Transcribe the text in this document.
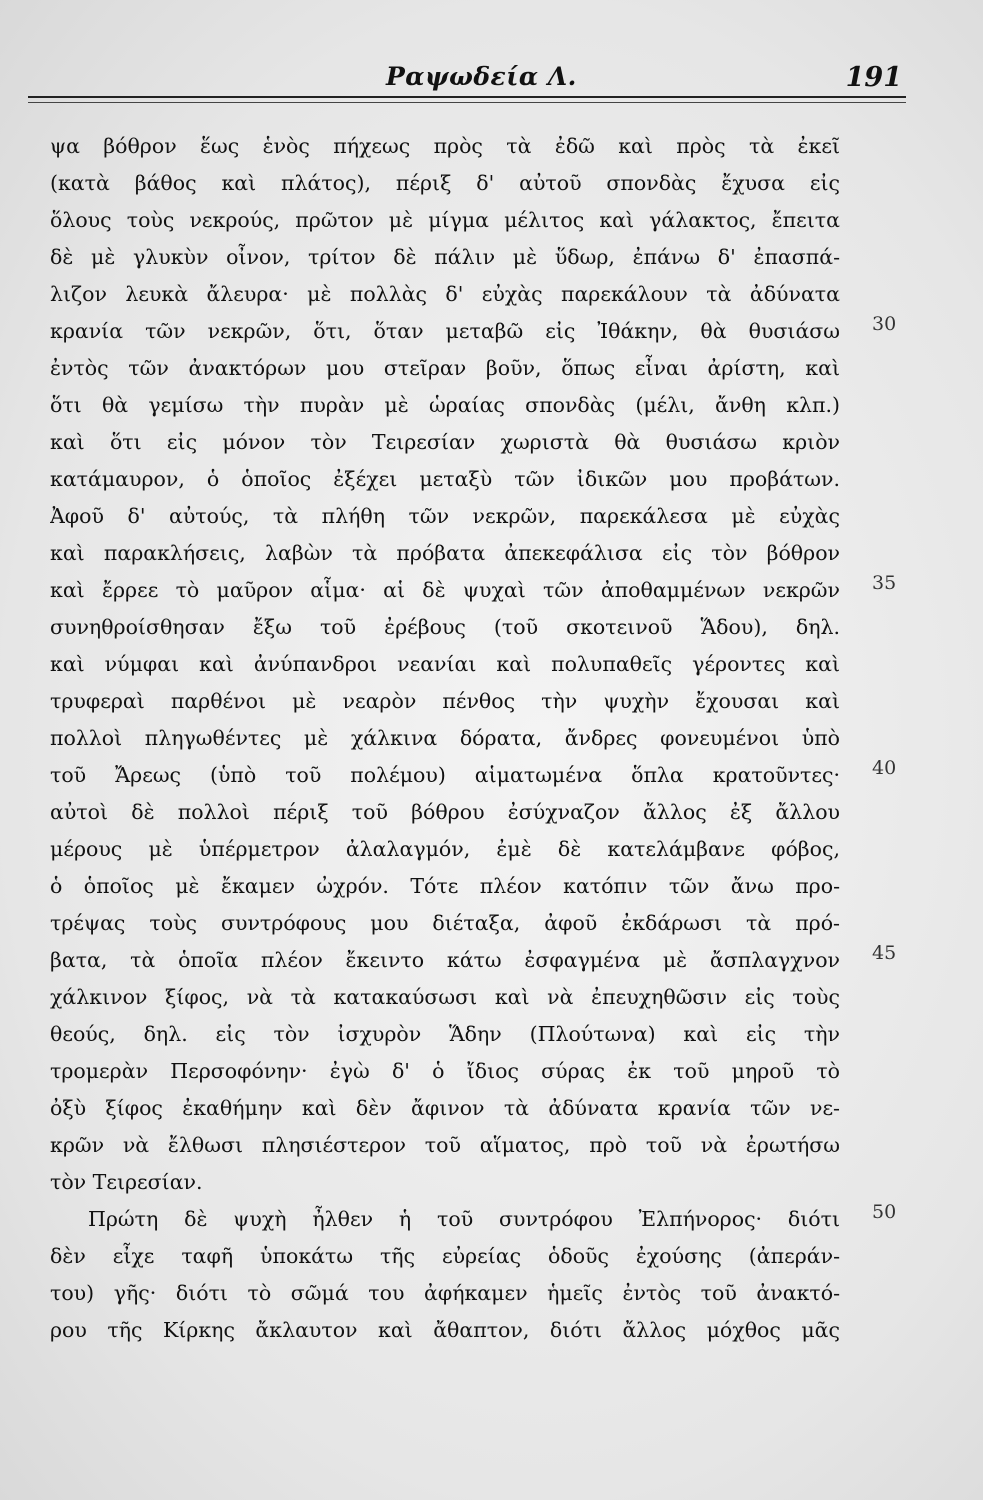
Ραψωδεία Λ.	191
ψα βόθρον ἕως ἑνὸς πήχεως πρὸς τὰ ἐδῶ καὶ πρὸς τὰ ἐκεῖ
(κατὰ βάθος καὶ πλάτος), πέριξ δ' αὐτοῦ σπονδὰς ἔχυσα εἰς
ὅλους τοὺς νεκρούς, πρῶτον μὲ μίγμα μέλιτος καὶ γάλακτος, ἔπειτα
δὲ μὲ γλυκὺν οἶνον, τρίτον δὲ πάλιν μὲ ὕδωρ, ἐπάνω δ' ἐπασπά-
λιζον λευκὰ ἄλευρα· μὲ πολλὰς δ' εὐχὰς παρεκάλουν τὰ ἀδύνατα
κρανία τῶν νεκρῶν, ὅτι, ὅταν μεταβῶ εἰς Ἰθάκην, θὰ θυσιάσω
ἐντὸς τῶν ἀνακτόρων μου στεῖραν βοῦν, ὅπως εἶναι ἀρίστη, καὶ
ὅτι θὰ γεμίσω τὴν πυρὰν μὲ ὡραίας σπονδὰς (μέλι, ἄνθη κλπ.)
καὶ ὅτι εἰς μόνον τὸν Τειρεσίαν χωριστὰ θὰ θυσιάσω κριὸν
κατάμαυρον, ὁ ὁποῖος ἐξέχει μεταξὺ τῶν ἰδικῶν μου προβάτων.
Ἀφοῦ δ' αὐτούς, τὰ πλήθη τῶν νεκρῶν, παρεκάλεσα μὲ εὐχὰς
καὶ παρακλήσεις, λαβὼν τὰ πρόβατα ἀπεκεφάλισα εἰς τὸν βόθρον
καὶ ἔρρεε τὸ μαῦρον αἷμα· αἱ δὲ ψυχαὶ τῶν ἀποθαμμένων νεκρῶν
συνηθροίσθησαν ἔξω τοῦ ἐρέβους (τοῦ σκοτεινοῦ Ἅδου), δηλ.
καὶ νύμφαι καὶ ἀνύπανδροι νεανίαι καὶ πολυπαθεῖς γέροντες καὶ
τρυφεραὶ παρθένοι μὲ νεαρὸν πένθος τὴν ψυχὴν ἔχουσαι καὶ
πολλοὶ πληγωθέντες μὲ χάλκινα δόρατα, ἄνδρες φονευμένοι ὑπὸ
τοῦ Ἄρεως (ὑπὸ τοῦ πολέμου) αἱματωμένα ὅπλα κρατοῦντες·
αὐτοὶ δὲ πολλοὶ πέριξ τοῦ βόθρου ἐσύχναζον ἄλλος ἐξ ἄλλου
μέρους μὲ ὑπέρμετρον ἀλαλαγμόν, ἐμὲ δὲ κατελάμβανε φόβος,
ὁ ὁποῖος μὲ ἔκαμεν ὠχρόν. Τότε πλέον κατόπιν τῶν ἄνω προ-
τρέψας τοὺς συντρόφους μου διέταξα, ἀφοῦ ἐκδάρωσι τὰ πρό-
βατα, τὰ ὁποῖα πλέον ἔκειντο κάτω ἐσφαγμένα μὲ ἄσπλαγχνον
χάλκινον ξίφος, νὰ τὰ κατακαύσωσι καὶ νὰ ἐπευχηθῶσιν εἰς τοὺς
θεούς, δηλ. εἰς τὸν ἰσχυρὸν Ἅδην (Πλούτωνα) καὶ εἰς τὴν
τρομερὰν Περσοφόνην· ἐγὼ δ' ὁ ἴδιος σύρας ἐκ τοῦ μηροῦ τὸ
ὀξὺ ξίφος ἐκαθήμην καὶ δὲν ἄφινον τὰ ἀδύνατα κρανία τῶν νε-
κρῶν νὰ ἔλθωσι πλησιέστερον τοῦ αἵματος, πρὸ τοῦ νὰ ἐρωτήσω
τὸν Τειρεσίαν.
Πρώτη δὲ ψυχὴ ἦλθεν ἡ τοῦ συντρόφου Ἐλπήνορος· διότι
δὲν εἶχε ταφῆ ὑποκάτω τῆς εὐρείας ὁδοῦς ἐχούσης (ἀπεράν-
του) γῆς· διότι τὸ σῶμά του ἀφήκαμεν ἡμεῖς ἐντὸς τοῦ ἀνακτό-
ρου τῆς Κίρκης ἄκλαυτον καὶ ἄθαπτον, διότι ἄλλος μόχθος μᾶς
30
35
40
45
50
